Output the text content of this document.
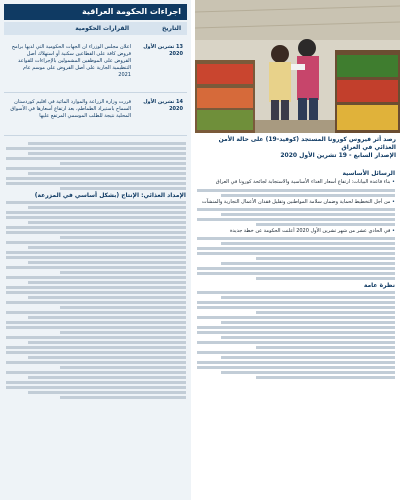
اجراءات الحكومة العراقية
التاريخ
القرارات الحكومية
13 تشرين الأول 2020
اعلان مجلس الوزراء ان الجهات الحكومية التي لديها برامج قروض كافة على القطاعين سكنية أو استهلاك أصل القروض على الموظفين المشمولين بالإجراءات للقواعد التنظيمية الجارية على أصل القروض على موسم عام 2021
14 تشرين الأول 2020
قررت وزارة الزراعة والموارد المائية في اقليم كوردستان السماح باستيراد الطماطم، بعد ارتفاع أسعارها في الأسواق المحلية نتيجة للطلب الموسمي المرتفع عليها
الإمداد الغذائي: الإنتاج (بشكل أساسي في المزرعة)
رصد أثر فيروس كورونا المستجد (كوفيد-19) على حالة الأمن الغذائي في العراق
الإصدار السابع - 19 تشرين الأول 2020
الرسائل الأساسية
• بناء قاعدة البيانات: ارتفاع أسعار الغذاء الأساسية والاستجابة لجائحة كورونا في العراق
• من أجل التخطيط لحماية وضمان سلامة المواطنين وتقليل فقدان الأعمال التجارية والمنشآت
• في الحادي عشر من شهر تشرين الأول 2020 أعلنت الحكومة عن خطة جديدة
نظرة عامة
